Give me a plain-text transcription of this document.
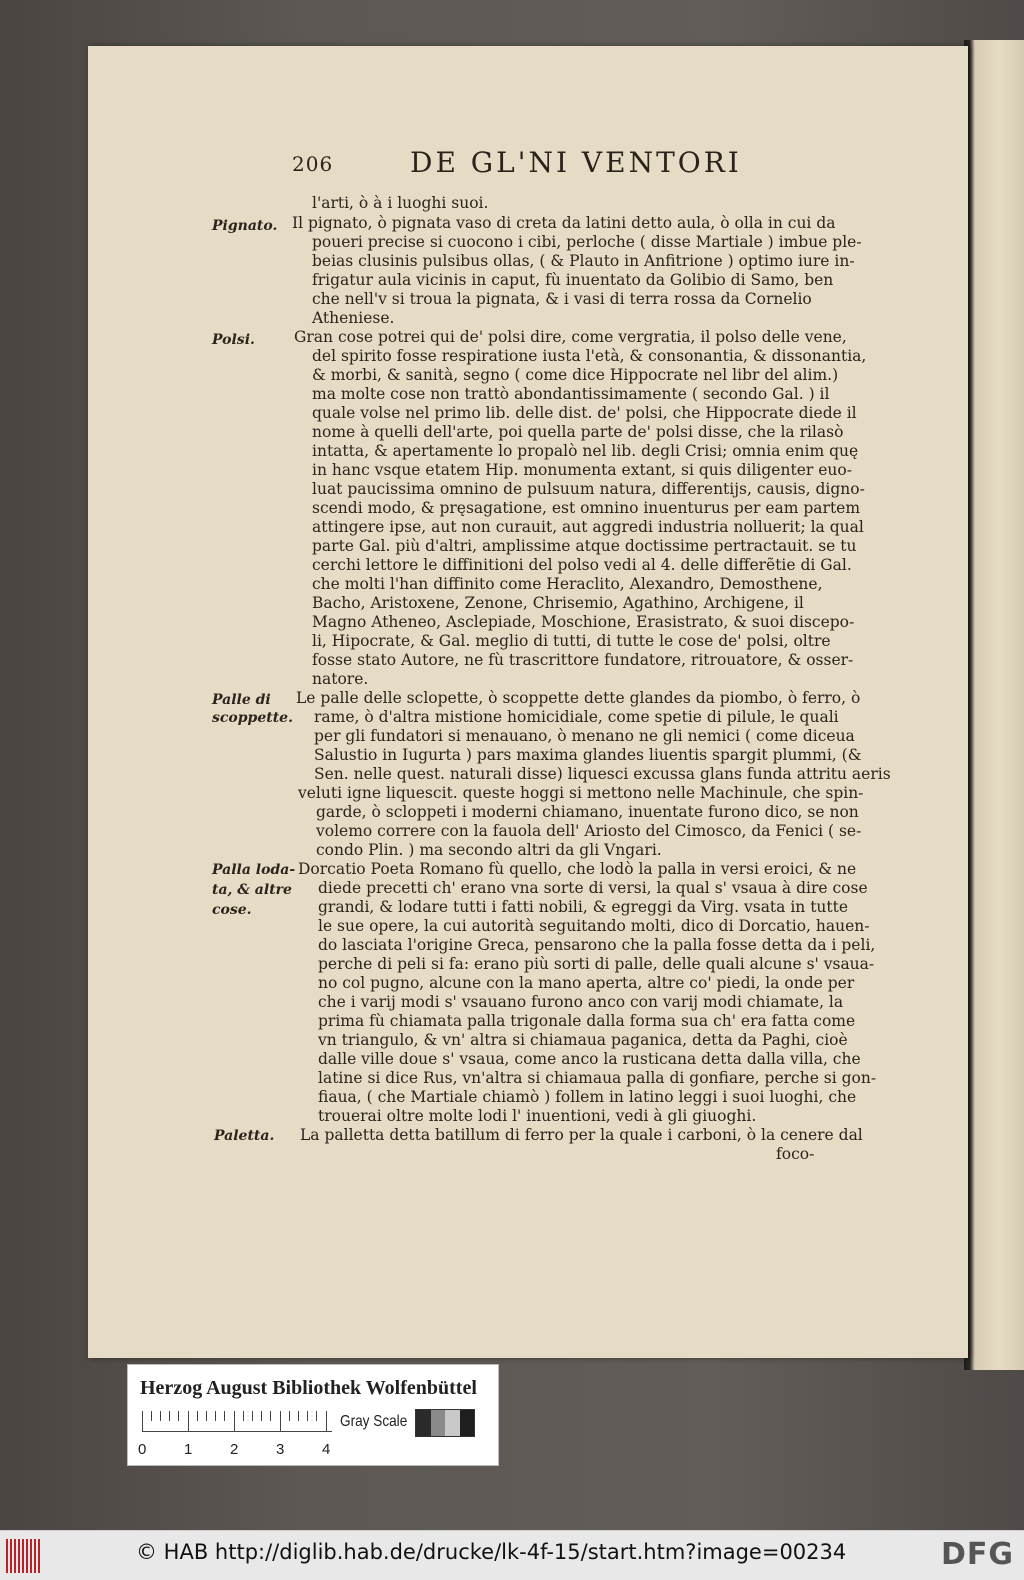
206	DE GL'NI VENTORI
Pignato.
Polsi.
Palle di
scoppette.
Palla loda-
ta, & altre
cose.
Paletta.
l'arti, ò à i luoghi suoi.
Il pignato, ò pignata vaso di creta da latini detto aula, ò olla in cui da
poueri precise si cuocono i cibi, perloche ( disse Martiale ) imbue ple-
beias clusinis pulsibus ollas, ( & Plauto in Anfitrione ) optimo iure in-
frigatur aula vicinis in caput, fù inuentato da Golibio di Samo, ben
che nell'v si troua la pignata, & i vasi di terra rossa da Cornelio
Atheniese.
Gran cose potrei qui de' polsi dire, come vergratia, il polso delle vene,
del spirito fosse respiratione iusta l'età, & consonantia, & dissonantia,
& morbi, & sanità, segno ( come dice Hippocrate nel libr del alim.)
ma molte cose non trattò abondantissimamente ( secondo Gal. ) il
quale volse nel primo lib. delle dist. de' polsi, che Hippocrate diede il
nome à quelli dell'arte, poi quella parte de' polsi disse, che la rilasò
intatta, & apertamente lo propalò nel lib. degli Crisi; omnia enim quę
in hanc vsque etatem Hip. monumenta extant, si quis diligenter euo-
luat paucissima omnino de pulsuum natura, differentijs, causis, digno-
scendi modo, & pręsagatione, est omnino inuenturus per eam partem
attingere ipse, aut non curauit, aut aggredi industria nolluerit; la qual
parte Gal. più d'altri, amplissime atque doctissime pertractauit. se tu
cerchi lettore le diffinitioni del polso vedi al 4. delle differẽtie di Gal.
che molti l'han diffinito come Heraclito, Alexandro, Demosthene,
Bacho, Aristoxene, Zenone, Chrisemio, Agathino, Archigene, il
Magno Atheneo, Asclepiade, Moschione, Erasistrato, & suoi discepo-
li, Hipocrate, & Gal. meglio di tutti, di tutte le cose de' polsi, oltre
fosse stato Autore, ne fù trascrittore fundatore, ritrouatore, & osser-
natore.
Le palle delle sclopette, ò scoppette dette glandes da piombo, ò ferro, ò
rame, ò d'altra mistione homicidiale, come spetie di pilule, le quali
per gli fundatori si menauano, ò menano ne gli nemici ( come diceua
Salustio in Iugurta ) pars maxima glandes liuentis spargit plummi, (&
Sen. nelle quest. naturali disse) liquesci excussa glans funda attritu aeris
veluti igne liquescit. queste hoggi si mettono nelle Machinule, che spin-
garde, ò scloppeti i moderni chiamano, inuentate furono dico, se non
volemo correre con la fauola dell' Ariosto del Cimosco, da Fenici ( se-
condo Plin. ) ma secondo altri da gli Vngari.
Dorcatio Poeta Romano fù quello, che lodò la palla in versi eroici, & ne
diede precetti ch' erano vna sorte di versi, la qual s' vsaua à dire cose
grandi, & lodare tutti i fatti nobili, & egreggi da Virg. vsata in tutte
le sue opere, la cui autorità seguitando molti, dico di Dorcatio, hauen-
do lasciata l'origine Greca, pensarono che la palla fosse detta da i peli,
perche di peli si fa: erano più sorti di palle, delle quali alcune s' vsaua-
no col pugno, alcune con la mano aperta, altre co' piedi, la onde per
che i varij modi s' vsauano furono anco con varij modi chiamate, la
prima fù chiamata palla trigonale dalla forma sua ch' era fatta come
vn triangulo, & vn' altra si chiamaua paganica, detta da Paghi, cioè
dalle ville doue s' vsaua, come anco la rusticana detta dalla villa, che
latine si dice Rus, vn'altra si chiamaua palla di gonfiare, perche si gon-
fiaua, ( che Martiale chiamò ) follem in latino leggi i suoi luoghi, che
trouerai oltre molte lodi l' inuentioni, vedi à gli giuoghi.
La palletta detta batillum di ferro per la quale i carboni, ò la cenere dal
foco-
Herzog August Bibliothek Wolfenbüttel
0	1	2	3	4
Gray Scale
© HAB http://diglib.hab.de/drucke/lk-4f-15/start.htm?image=00234	DFG
